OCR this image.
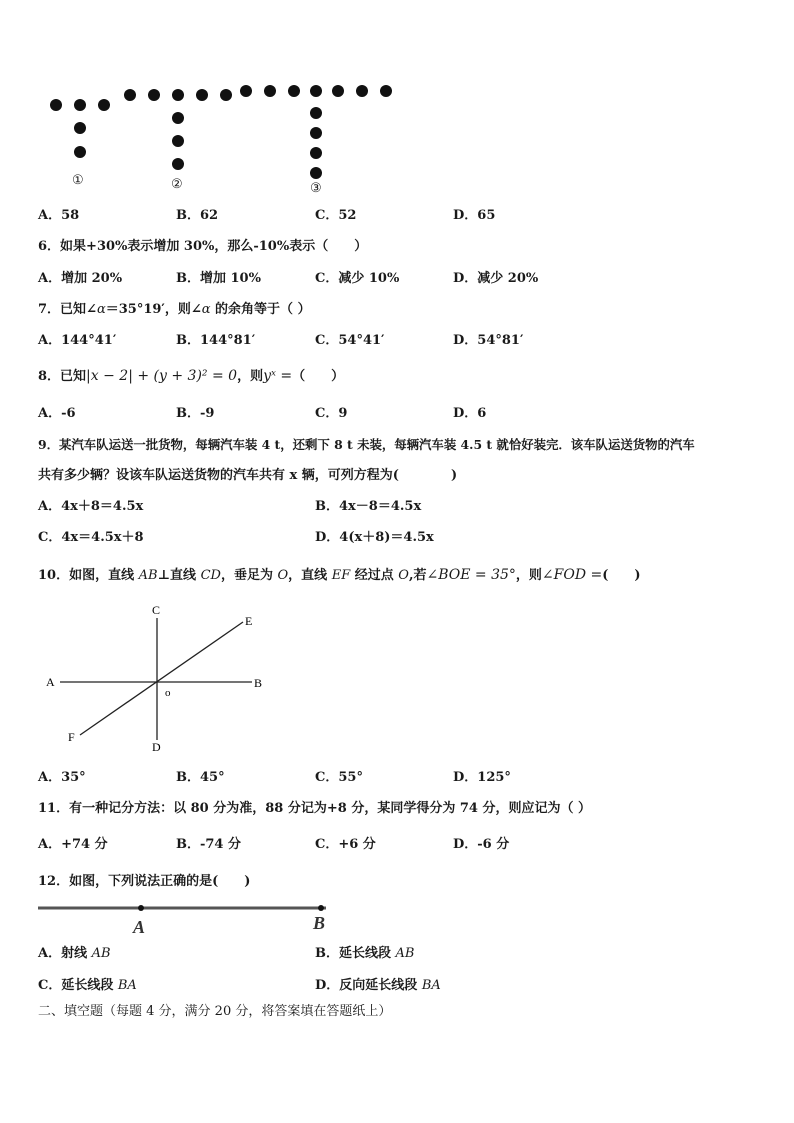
①	②	③
A．58	B．62	C．52	D．65
6．如果+30%表示增加 30%，那么-10%表示（　　）
A．增加 20%	B．增加 10%	C．减少 10%	D．减少 20%
7．已知∠α＝35°19′，则∠α 的余角等于（ ）
A．144°41′	B．144°81′	C．54°41′	D．54°81′
8．已知|x − 2| + (y + 3)² = 0，则yˣ =（　　）
A．-6	B．-9	C．9	D．6
9．某汽车队运送一批货物，每辆汽车装 4 t，还剩下 8 t 未装，每辆汽车装 4.5 t 就恰好装完．该车队运送货物的汽车
共有多少辆？设该车队运送货物的汽车共有 x 辆，可列方程为(　　　　)
A．4x＋8＝4.5x	B．4x－8＝4.5x
C．4x＝4.5x＋8	D．4(x＋8)＝4.5x
10．如图，直线 AB⊥直线 CD，垂足为 O，直线 EF 经过点 O,若∠BOE = 35°，则∠FOD =(　　)
C
E
A	B
o
F
D
A．35°	B．45°	C．55°	D．125°
11．有一种记分方法：以 80 分为准，88 分记为+8 分，某同学得分为 74 分，则应记为（ ）
A．+74 分	B．-74 分	C．+6 分	D．-6 分
12．如图，下列说法正确的是(　　)
A	B
A．射线 AB	B．延长线段 AB
C．延长线段 BA	D．反向延长线段 BA
二、填空题（每题 4 分，满分 20 分，将答案填在答题纸上）
